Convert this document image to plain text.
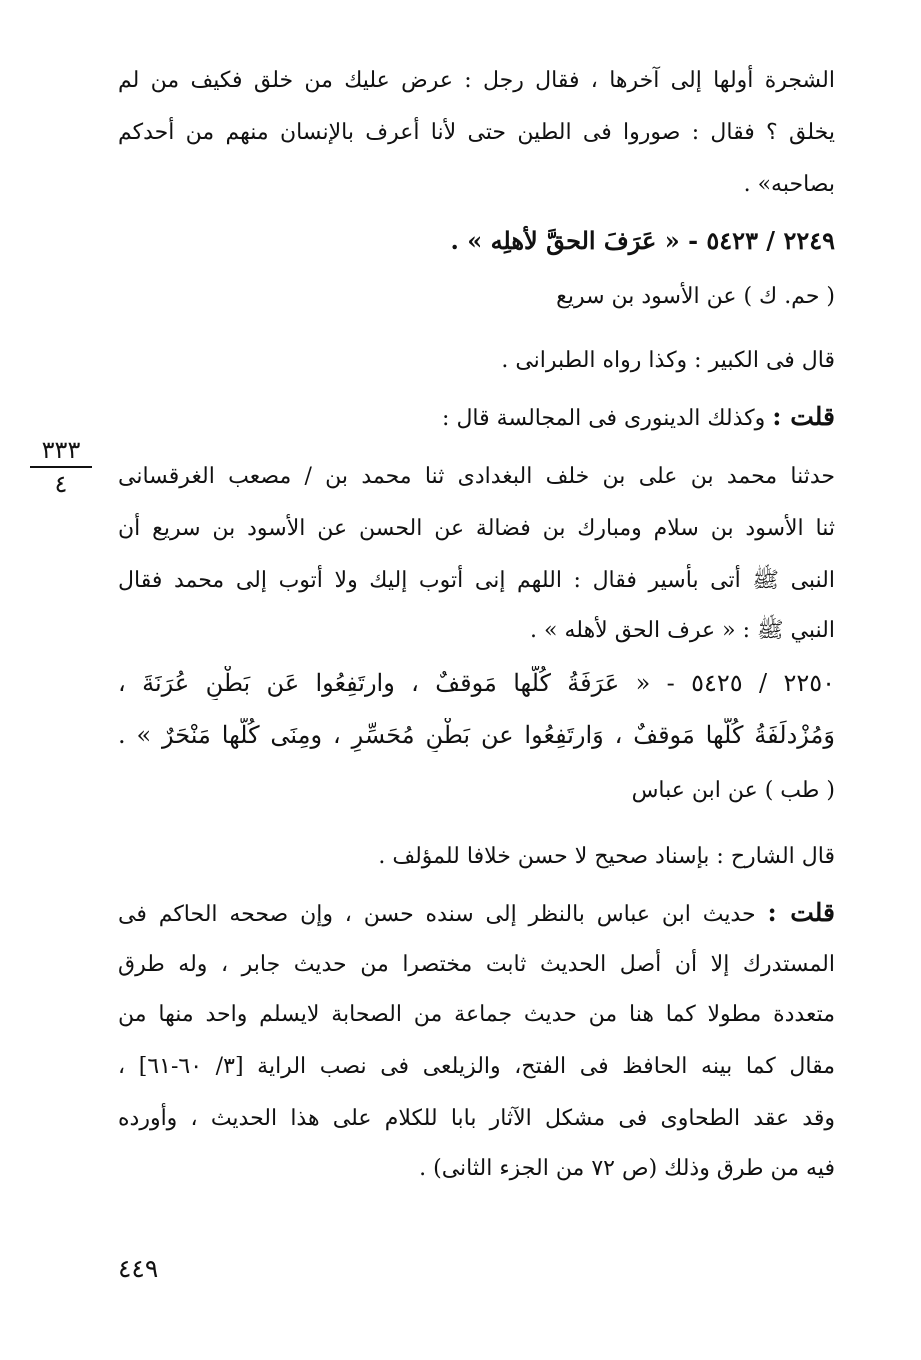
الشجرة أولها إلى آخرها ، فقال رجل : عرض عليك من خلق فكيف من لم
يخلق ؟ فقال : صوروا فى الطين حتى لأنا أعرف بالإنسان منهم من أحدكم
بصاحبه» .
٢٢٤٩ / ٥٤٢٣ - « عَرَفَ الحقَّ لأهلِه » .
( حم. ك ) عن الأسود بن سريع
قال فى الكبير : وكذا رواه الطبرانى .
قلت : وكذلك الدينورى فى المجالسة قال :
٣٣٣
٤	حدثنا محمد بن على بن خلف البغدادى ثنا محمد بن / مصعب الغرقسانى
ثنا الأسود بن سلام ومبارك بن فضالة عن الحسن عن الأسود بن سريع أن
النبى ﷺ أتى بأسير فقال : اللهم إنى أتوب إليك ولا أتوب إلى محمد فقال
النبي ﷺ : « عرف الحق لأهله » .
٢٢٥٠ / ٥٤٢٥ - « عَرَفَةُ كُلُّها مَوقفٌ ، وارتَفِعُوا عَن بَطْنِ عُرَنَةَ ،
وَمُزْدلَفَةُ كُلُّها مَوقفٌ ، وَارتَفِعُوا عن بَطْنِ مُحَسِّرٍ ، ومِنَى كُلُّها مَنْحَرٌ » .
( طب ) عن ابن عباس
قال الشارح : بإسناد صحيح لا حسن خلافا للمؤلف .
قلت : حديث ابن عباس بالنظر إلى سنده حسن ، وإن صححه الحاكم فى
المستدرك إلا أن أصل الحديث ثابت مختصرا من حديث جابر ، وله طرق
متعددة مطولا كما هنا من حديث جماعة من الصحابة لايسلم واحد منها من
مقال كما بينه الحافظ فى الفتح، والزيلعى فى نصب الراية [٣/ ٦٠-٦١] ،
وقد عقد الطحاوى فى مشكل الآثار بابا للكلام على هذا الحديث ، وأورده
فيه من طرق وذلك (ص ٧٢ من الجزء الثانى) .
٤٤٩
